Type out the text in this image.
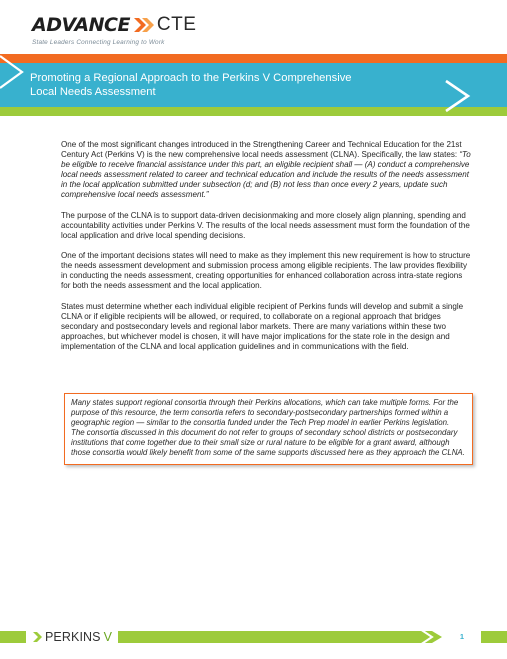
ADVANCE CTE
State Leaders Connecting Learning to Work
Promoting a Regional Approach to the Perkins V Comprehensive
Local Needs Assessment

One of the most significant changes introduced in the Strengthening Career and Technical Education for the 21st Century Act (Perkins V) is the new comprehensive local needs assessment (CLNA). Specifically, the law states: “To be eligible to receive financial assistance under this part, an eligible recipient shall — (A) conduct a comprehensive local needs assessment related to career and technical education and include the results of the needs assessment in the local application submitted under subsection (d; and (B) not less than once every 2 years, update such comprehensive local needs assessment.”

The purpose of the CLNA is to support data-driven decisionmaking and more closely align planning, spending and accountability activities under Perkins V. The results of the local needs assessment must form the foundation of the local application and drive local spending decisions.

One of the important decisions states will need to make as they implement this new requirement is how to structure the needs assessment development and submission process among eligible recipients. The law provides flexibility in conducting the needs assessment, creating opportunities for enhanced collaboration across intra-state regions for both the needs assessment and the local application.

States must determine whether each individual eligible recipient of Perkins funds will develop and submit a single CLNA or if eligible recipients will be allowed, or required, to collaborate on a regional approach that bridges secondary and postsecondary levels and regional labor markets. There are many variations within these two approaches, but whichever model is chosen, it will have major implications for the state role in the design and implementation of the CLNA and local application guidelines and in communications with the field.

Many states support regional consortia through their Perkins allocations, which can take multiple forms. For the purpose of this resource, the term consortia refers to secondary-postsecondary partnerships formed within a geographic region — similar to the consortia funded under the Tech Prep model in earlier Perkins legislation. The consortia discussed in this document do not refer to groups of secondary school districts or postsecondary institutions that come together due to their small size or rural nature to be eligible for a grant award, although those consortia would likely benefit from some of the same supports discussed here as they approach the CLNA.
PERKINS V	1
